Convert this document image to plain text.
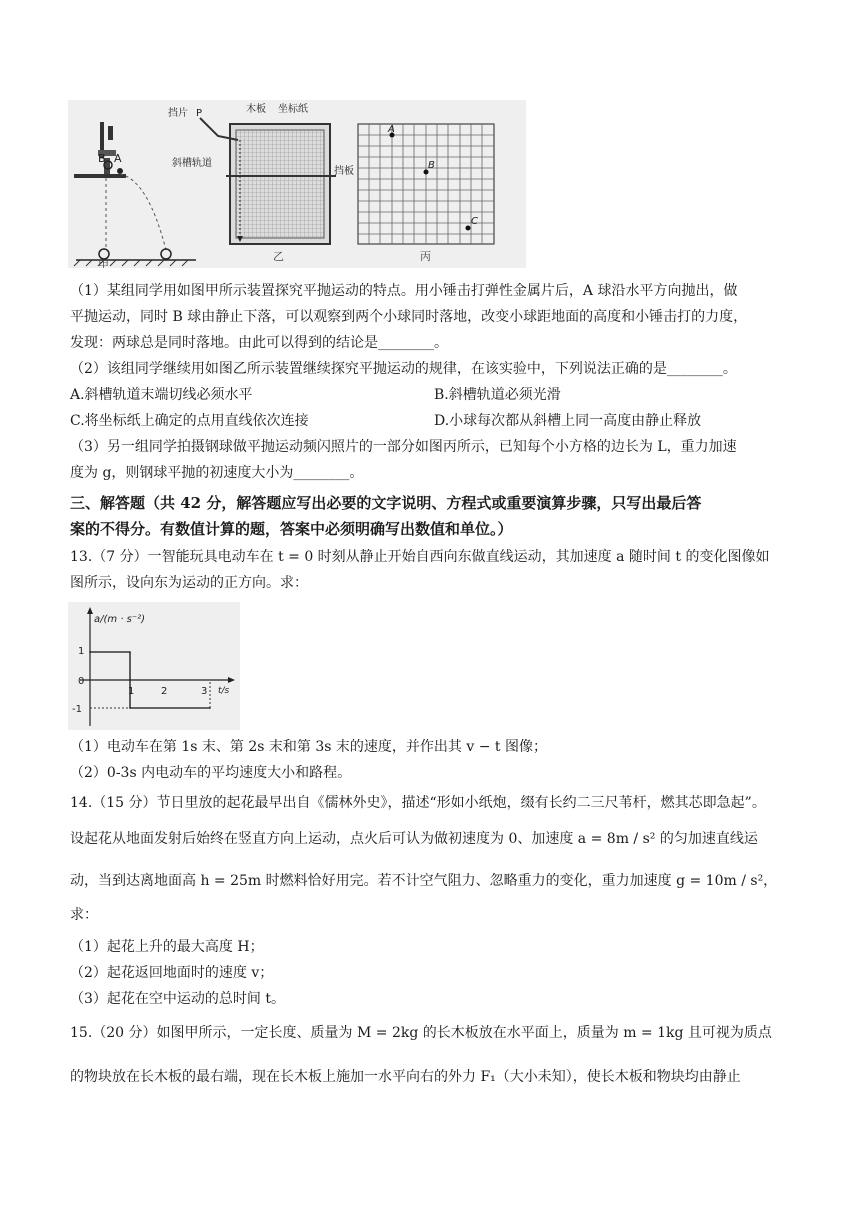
B A
甲
挡片 P	木板 坐标纸
斜槽轨道
挡板
乙
A
B
C
丙
（1）某组同学用如图甲所示装置探究平抛运动的特点。用小锤击打弹性金属片后，A 球沿水平方向抛出，做
平抛运动，同时 B 球由静止下落，可以观察到两个小球同时落地，改变小球距地面的高度和小锤击打的力度，
发现：两球总是同时落地。由此可以得到的结论是________。
（2）该组同学继续用如图乙所示装置继续探究平抛运动的规律，在该实验中，下列说法正确的是________。
A.斜槽轨道末端切线必须水平	B.斜槽轨道必须光滑
C.将坐标纸上确定的点用直线依次连接	D.小球每次都从斜槽上同一高度由静止释放
（3）另一组同学拍摄钢球做平抛运动频闪照片的一部分如图丙所示，已知每个小方格的边长为 L，重力加速
度为 g，则钢球平抛的初速度大小为________。
三、解答题（共 42 分，解答题应写出必要的文字说明、方程式或重要演算步骤，只写出最后答
案的不得分。有数值计算的题，答案中必须明确写出数值和单位。）
13.（7 分）一智能玩具电动车在 t = 0 时刻从静止开始自西向东做直线运动，其加速度 a 随时间 t 的变化图像如
图所示，设向东为运动的正方向。求：
a/(m · s⁻²)
t/s
1
0
-1
1	2	3
（1）电动车在第 1s 末、第 2s 末和第 3s 末的速度，并作出其 v − t 图像；
（2）0-3s 内电动车的平均速度大小和路程。
14.（15 分）节日里放的起花最早出自《儒林外史》，描述“形如小纸炮，缀有长约二三尺苇杆，燃其芯即急起”。
设起花从地面发射后始终在竖直方向上运动，点火后可认为做初速度为 0、加速度 a = 8m / s² 的匀加速直线运
动，当到达离地面高 h = 25m 时燃料恰好用完。若不计空气阻力、忽略重力的变化，重力加速度 g = 10m / s²，
求：
（1）起花上升的最大高度 H；
（2）起花返回地面时的速度 v；
（3）起花在空中运动的总时间 t。
15.（20 分）如图甲所示，一定长度、质量为 M = 2kg 的长木板放在水平面上，质量为 m = 1kg 且可视为质点
的物块放在长木板的最右端，现在长木板上施加一水平向右的外力 F₁（大小未知），使长木板和物块均由静止
